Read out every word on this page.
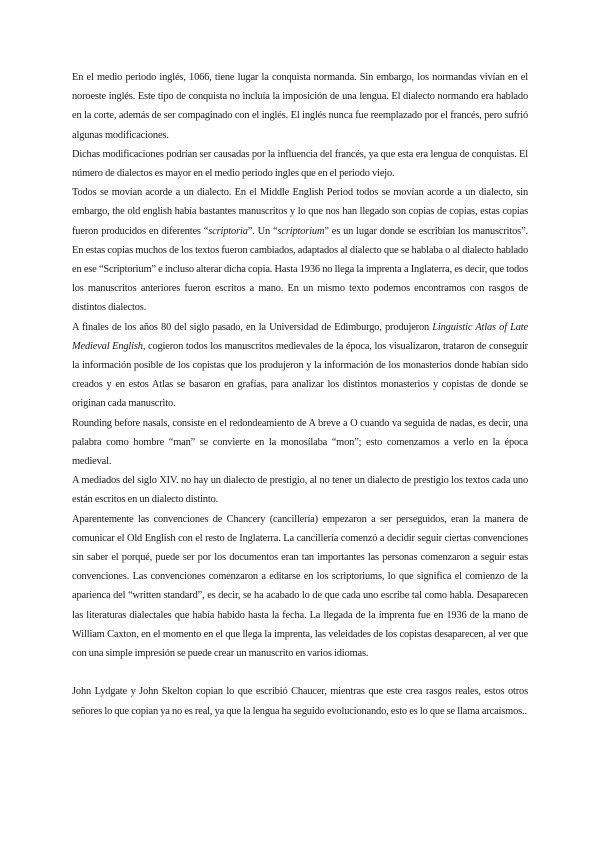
En el medio periodo inglés, 1066, tiene lugar la conquista normanda. Sin embargo, los normandas vivían en el noroeste inglés. Este tipo de conquista no incluía la imposición de una lengua. El dialecto normando era hablado en la corte, además de ser compaginado con el inglés. El inglés nunca fue reemplazado por el francés, pero sufrió algunas modificaciones.

Dichas modificaciones podrían ser causadas por la influencia del francés, ya que esta era lengua de conquistas. El número de dialectos es mayor en el medio periodo ingles que en el periodo viejo.

Todos se movían acorde a un dialecto. En el Middle English Period todos se movían acorde a un dialecto, sin embargo, the old english había bastantes manuscritos y lo que nos han llegado son copias de copias, estas copias fueron producidos en diferentes “scriptoria”. Un “scriptorium” es un lugar donde se escribían los manuscritos”. En estas copias muchos de los textos fueron cambiados, adaptados al dialecto que se hablaba o al dialecto hablado en ese “Scriptorium” e incluso alterar dicha copia. Hasta 1936 no llega la imprenta a Inglaterra, es decir, que todos los manuscritos anteriores fueron escritos a mano. En un mismo texto podemos encontramos con rasgos de distintos dialectos.

A finales de los años 80 del siglo pasado, en la Universidad de Edimburgo, produjeron Linguistic Atlas of Late Medieval English, cogieron todos los manuscritos medievales de la época, los visualizaron, trataron de conseguir la información posible de los copistas que los produjeron y la información de los monasterios donde habían sido creados y en estos Atlas se basaron en grafías, para analizar los distintos monasterios y copistas de donde se originan cada manuscrito.

Rounding before nasals, consiste en el redondeamiento de A breve a O cuando va seguida de nadas, es decir, una palabra como hombre “man” se convierte en la monosílaba “mon”; esto comenzamos a verlo en la época medieval.

A mediados del siglo XIV. no hay un dialecto de prestigio, al no tener un dialecto de prestigio los textos cada uno están escritos en un dialecto distinto.

Aparentemente las convenciones de Chancery (cancillería) empezaron a ser perseguidos, eran la manera de comunicar el Old English con el resto de Inglaterra. La cancillería comenzó a decidir seguir ciertas convenciones sin saber el porqué, puede ser por los documentos eran tan importantes las personas comenzaron a seguir estas convenciones. Las convenciones comenzaron a editarse en los scriptoriums, lo que significa el comienzo de la aparienca del “written standard”, es decir, se ha acabado lo de que cada uno escribe tal como habla. Desaparecen las literaturas dialectales que había habido hasta la fecha. La llegada de la imprenta fue en 1936 de la mano de William Caxton, en el momento en el que llega la imprenta, las veleidades de los copistas desaparecen, al ver que con una simple impresión se puede crear un manuscrito en varios idiomas.

John Lydgate y John Skelton copian lo que escribió Chaucer, mientras que este crea rasgos reales, estos otros señores lo que copian ya no es real, ya que la lengua ha seguido evolucionando, esto es lo que se llama arcaísmos..
